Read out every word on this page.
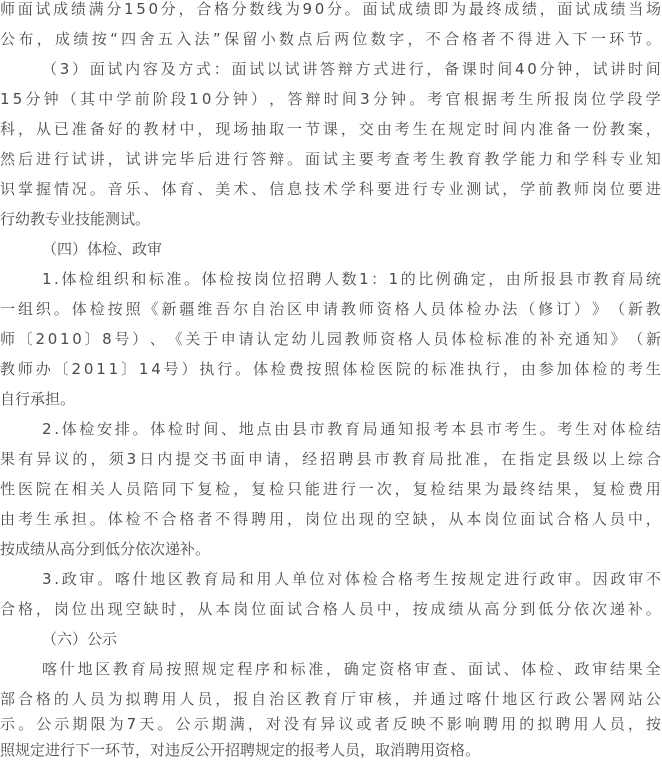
师 面 试 成 绩 满 分 1 5 0 分 ， 合 格 分 数 线 为 9 0 分 。 面 试 成 绩 即 为 最 终 成 绩 ， 面 试 成 绩 当 场

公 布 ， 成 绩 按 “ 四 舍 五 入 法 ” 保 留 小 数 点 后 两 位 数 字 ， 不 合 格 者 不 得 进 入 下 一 环 节 。

（ 3 ） 面 试 内 容 及 方 式 ： 面 试 以 试 讲 答 辩 方 式 进 行 ， 备 课 时 间 4 0 分 钟 ， 试 讲 时 间

1 5 分 钟 （ 其 中 学 前 阶 段 1 0 分 钟 ） ， 答 辩 时 间 3 分 钟 。 考 官 根 据 考 生 所 报 岗 位 学 段 学

科 ， 从 已 准 备 好 的 教 材 中 ， 现 场 抽 取 一 节 课 ， 交 由 考 生 在 规 定 时 间 内 准 备 一 份 教 案 ，

然 后 进 行 试 讲 ， 试 讲 完 毕 后 进 行 答 辩 。 面 试 主 要 考 查 考 生 教 育 教 学 能 力 和 学 科 专 业 知

识 掌 握 情 况 。 音 乐 、 体 育 、 美 术 、 信 息 技 术 学 科 要 进 行 专 业 测 试 ， 学 前 教 师 岗 位 要 进

行幼教专业技能测试。

（四）体检、政审

1 . 体 检 组 织 和 标 准 。 体 检 按 岗 位 招 聘 人 数 1 ： 1 的 比 例 确 定 ， 由 所 报 县 市 教 育 局 统

一 组 织 。 体 检 按 照 《 新 疆 维 吾 尔 自 治 区 申 请 教 师 资 格 人 员 体 检 办 法 （ 修 订 ） 》 （ 新 教

师 〔 2 0 1 0 〕 8 号 ） 、 《 关 于 申 请 认 定 幼 儿 园 教 师 资 格 人 员 体 检 标 准 的 补 充 通 知 》 （ 新

教 师 办 〔 2 0 1 1 〕 1 4 号 ） 执 行 。 体 检 费 按 照 体 检 医 院 的 标 准 执 行 ， 由 参 加 体 检 的 考 生

自行承担。

2 . 体 检 安 排 。 体 检 时 间 、 地 点 由 县 市 教 育 局 通 知 报 考 本 县 市 考 生 。 考 生 对 体 检 结

果 有 异 议 的 ， 须 3 日 内 提 交 书 面 申 请 ， 经 招 聘 县 市 教 育 局 批 准 ， 在 指 定 县 级 以 上 综 合

性 医 院 在 相 关 人 员 陪 同 下 复 检 ， 复 检 只 能 进 行 一 次 ， 复 检 结 果 为 最 终 结 果 ， 复 检 费 用

由 考 生 承 担 。 体 检 不 合 格 者 不 得 聘 用 ， 岗 位 出 现 的 空 缺 ， 从 本 岗 位 面 试 合 格 人 员 中 ，

按成绩从高分到低分依次递补。

3 . 政 审 。 喀 什 地 区 教 育 局 和 用 人 单 位 对 体 检 合 格 考 生 按 规 定 进 行 政 审 。 因 政 审 不

合 格 ， 岗 位 出 现 空 缺 时 ， 从 本 岗 位 面 试 合 格 人 员 中 ， 按 成 绩 从 高 分 到 低 分 依 次 递 补 。

（六）公示

喀 什 地 区 教 育 局 按 照 规 定 程 序 和 标 准 ， 确 定 资 格 审 查 、 面 试 、 体 检 、 政 审 结 果 全

部 合 格 的 人 员 为 拟 聘 用 人 员 ， 报 自 治 区 教 育 厅 审 核 ， 并 通 过 喀 什 地 区 行 政 公 署 网 站 公

示 。 公 示 期 限 为 7 天 。 公 示 期 满 ， 对 没 有 异 议 或 者 反 映 不 影 响 聘 用 的 拟 聘 用 人 员 ， 按

照规定进行下一环节，对违反公开招聘规定的报考人员，取消聘用资格。
